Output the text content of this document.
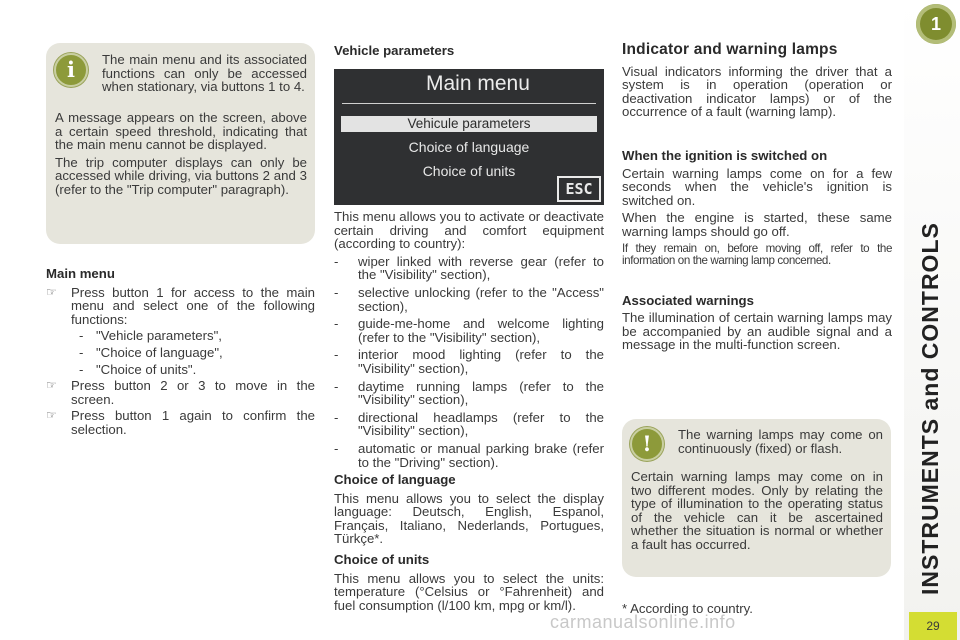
i	The main menu and its associated functions can only be accessed when stationary, via buttons 1 to 4.

A message appears on the screen, above a certain speed threshold, indicating that the main menu cannot be displayed.

The trip computer displays can only be accessed while driving, via buttons 2 and 3 (refer to the "Trip computer" paragraph).

Main menu
☞ Press button 1 for access to the main menu and select one of the following functions:
- "Vehicle parameters",
- "Choice of language",
- "Choice of units".
☞ Press button 2 or 3 to move in the screen.
☞ Press button 1 again to confirm the selection.
Vehicle parameters
Main menu
Vehicule parameters
Choice of language
Choice of units
ESC

This menu allows you to activate or deactivate certain driving and comfort equipment (according to country):

- wiper linked with reverse gear (refer to the "Visibility" section),
- selective unlocking (refer to the "Access" section),
- guide-me-home and welcome lighting (refer to the "Visibility" section),
- interior mood lighting (refer to the "Visibility" section),
- daytime running lamps (refer to the "Visibility" section),
- directional headlamps (refer to the "Visibility" section),
- automatic or manual parking brake (refer to the "Driving" section).
Choice of language

This menu allows you to select the display language: Deutsch, English, Espanol, Français, Italiano, Nederlands, Portugues, Türkçe*.

Choice of units

This menu allows you to select the units: temperature (°Celsius or °Fahrenheit) and fuel consumption (l/100 km, mpg or km/l).

Indicator and warning lamps

Visual indicators informing the driver that a system is in operation (operation or deactivation indicator lamps) or of the occurrence of a fault (warning lamp).

When the ignition is switched on

Certain warning lamps come on for a few seconds when the vehicle's ignition is switched on.

When the engine is started, these same warning lamps should go off.

If they remain on, before moving off, refer to the information on the warning lamp concerned.

Associated warnings

The illumination of certain warning lamps may be accompanied by an audible signal and a message in the multi-function screen.

!	The warning lamps may come on continuously (fixed) or flash.

Certain warning lamps may come on in two different modes. Only by relating the type of illumination to the operating status of the vehicle can it be ascertained whether the situation is normal or whether a fault has occurred.

* According to country.

1
INSTRUMENTS and CONTROLS
29
carmanualsonline.info
